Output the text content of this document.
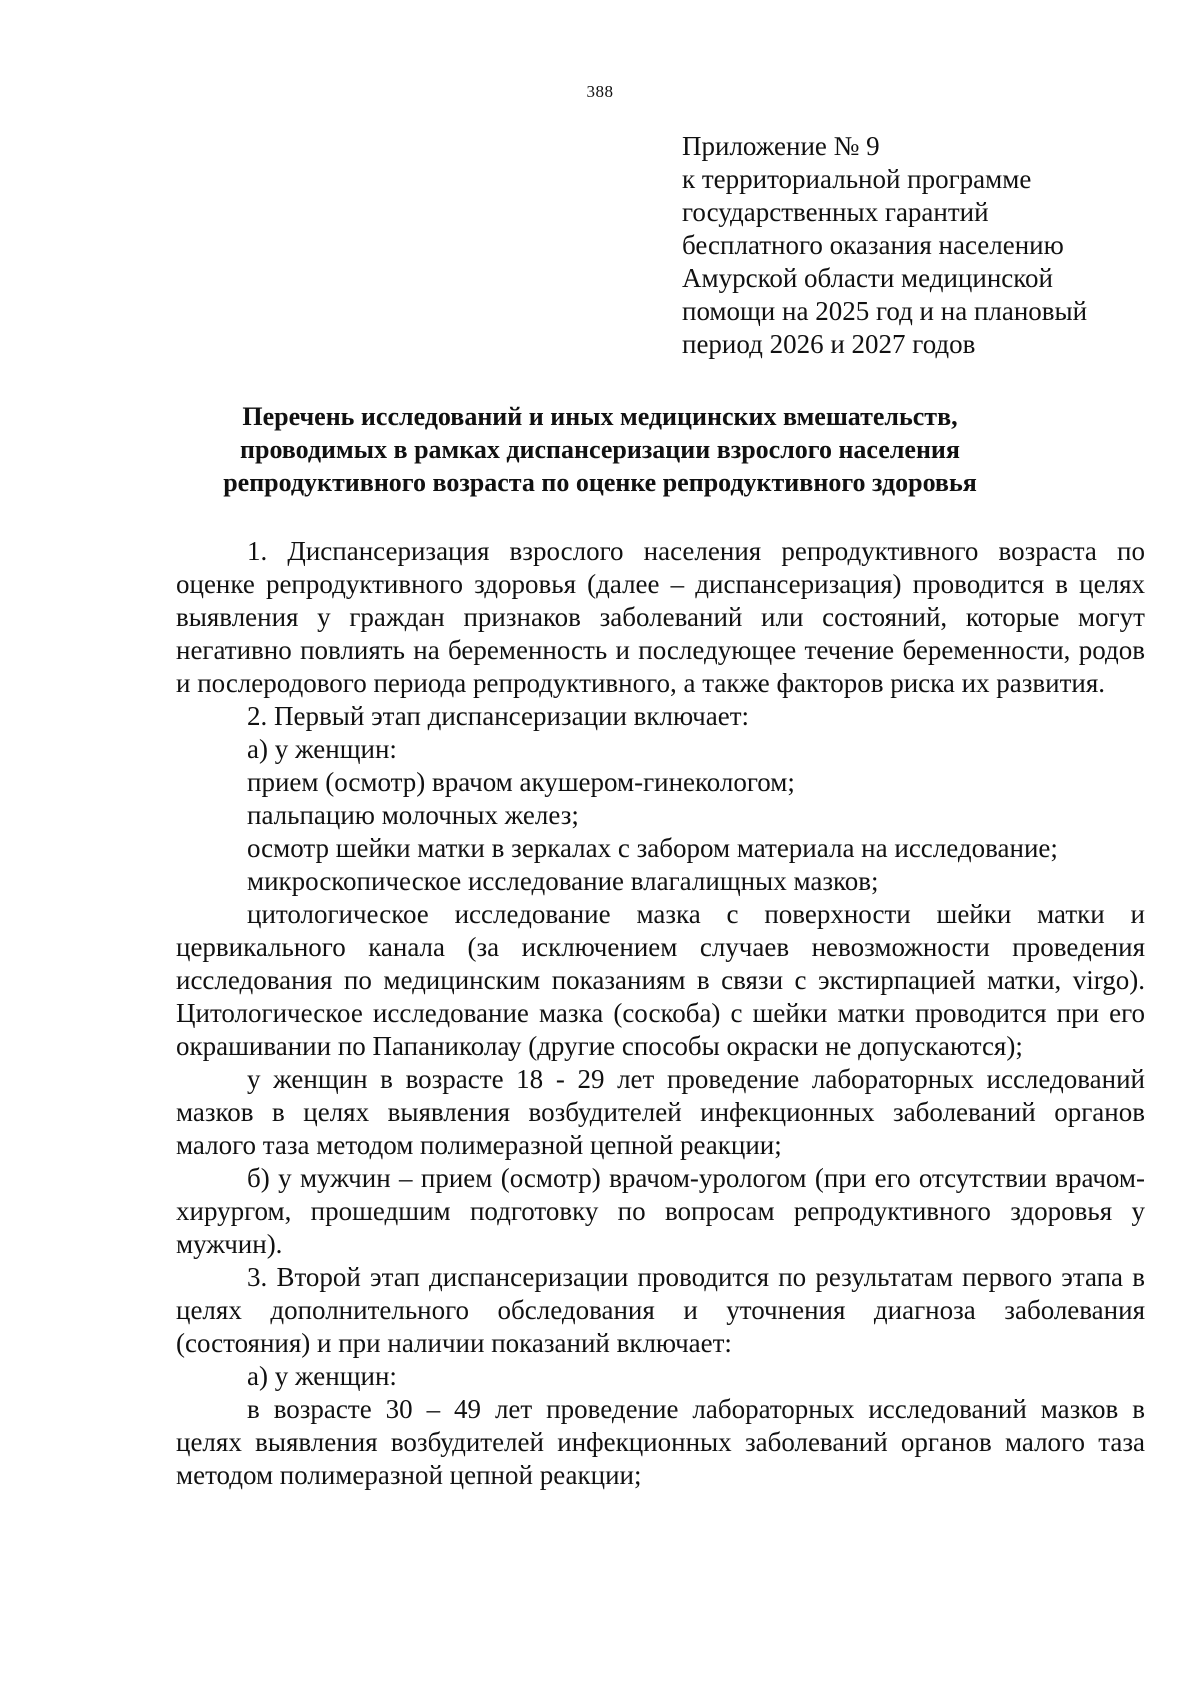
388
Приложение № 9
к территориальной программе
государственных гарантий
бесплатного оказания населению
Амурской области медицинской
помощи на 2025 год и на плановый
период 2026 и 2027 годов
Перечень исследований и иных медицинских вмешательств,
проводимых в рамках диспансеризации взрослого населения
репродуктивного возраста по оценке репродуктивного здоровья

1. Диспансеризация взрослого населения репродуктивного возраста по оценке репродуктивного здоровья (далее – диспансеризация) проводится в целях выявления у граждан признаков заболеваний или состояний, которые могут негативно повлиять на беременность и последующее течение беременности, родов и послеродового периода репродуктивного, а также факторов риска их развития.

2. Первый этап диспансеризации включает:

а) у женщин:

прием (осмотр) врачом акушером-гинекологом;

пальпацию молочных желез;

осмотр шейки матки в зеркалах с забором материала на исследование;

микроскопическое исследование влагалищных мазков;

цитологическое исследование мазка с поверхности шейки матки и цервикального канала (за исключением случаев невозможности проведения исследования по медицинским показаниям в связи с экстирпацией матки, virgo). Цитологическое исследование мазка (соскоба) с шейки матки проводится при его окрашивании по Папаниколау (другие способы окраски не допускаются);

у женщин в возрасте 18 - 29 лет проведение лабораторных исследований мазков в целях выявления возбудителей инфекционных заболеваний органов малого таза методом полимеразной цепной реакции;

б) у мужчин – прием (осмотр) врачом-урологом (при его отсутствии врачом-хирургом, прошедшим подготовку по вопросам репродуктивного здоровья у мужчин).

3. Второй этап диспансеризации проводится по результатам первого этапа в целях дополнительного обследования и уточнения диагноза заболевания (состояния) и при наличии показаний включает:

а) у женщин:

в возрасте 30 – 49 лет проведение лабораторных исследований мазков в целях выявления возбудителей инфекционных заболеваний органов малого таза методом полимеразной цепной реакции;
